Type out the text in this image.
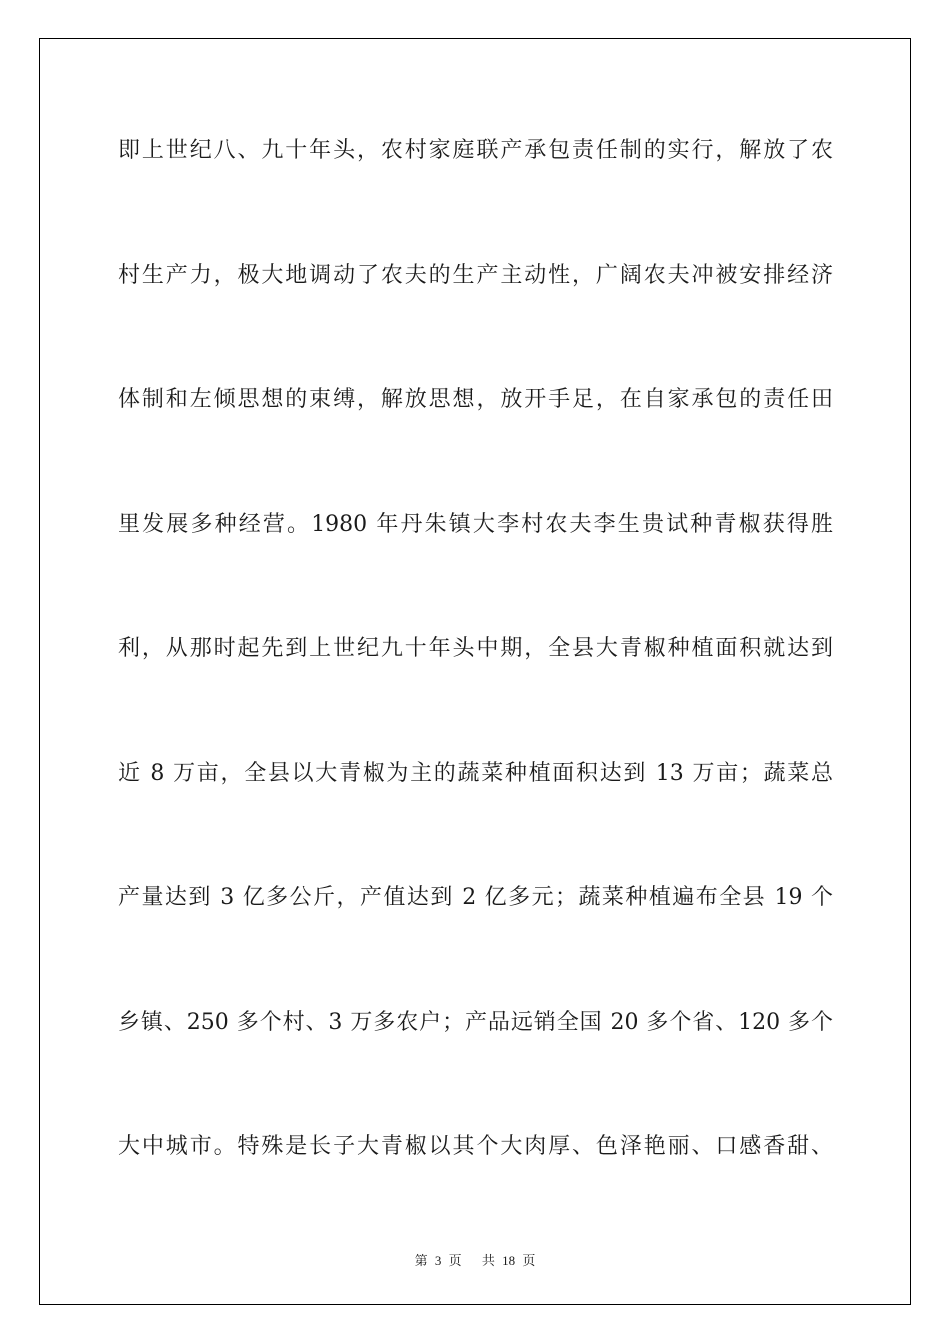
即上世纪八、九十年头，农村家庭联产承包责任制的实行，解放了农
村生产力，极大地调动了农夫的生产主动性，广阔农夫冲被安排经济
体制和左倾思想的束缚，解放思想，放开手足，在自家承包的责任田
里发展多种经营。1980 年丹朱镇大李村农夫李生贵试种青椒获得胜
利，从那时起先到上世纪九十年头中期，全县大青椒种植面积就达到
近 8 万亩，全县以大青椒为主的蔬菜种植面积达到 13 万亩；蔬菜总
产量达到 3 亿多公斤，产值达到 2 亿多元；蔬菜种植遍布全县 19 个
乡镇、250 多个村、3 万多农户；产品远销全国 20 多个省、120 多个
大中城市。特殊是长子大青椒以其个大肉厚、色泽艳丽、口感香甜、
第 3 页　 共 18 页
